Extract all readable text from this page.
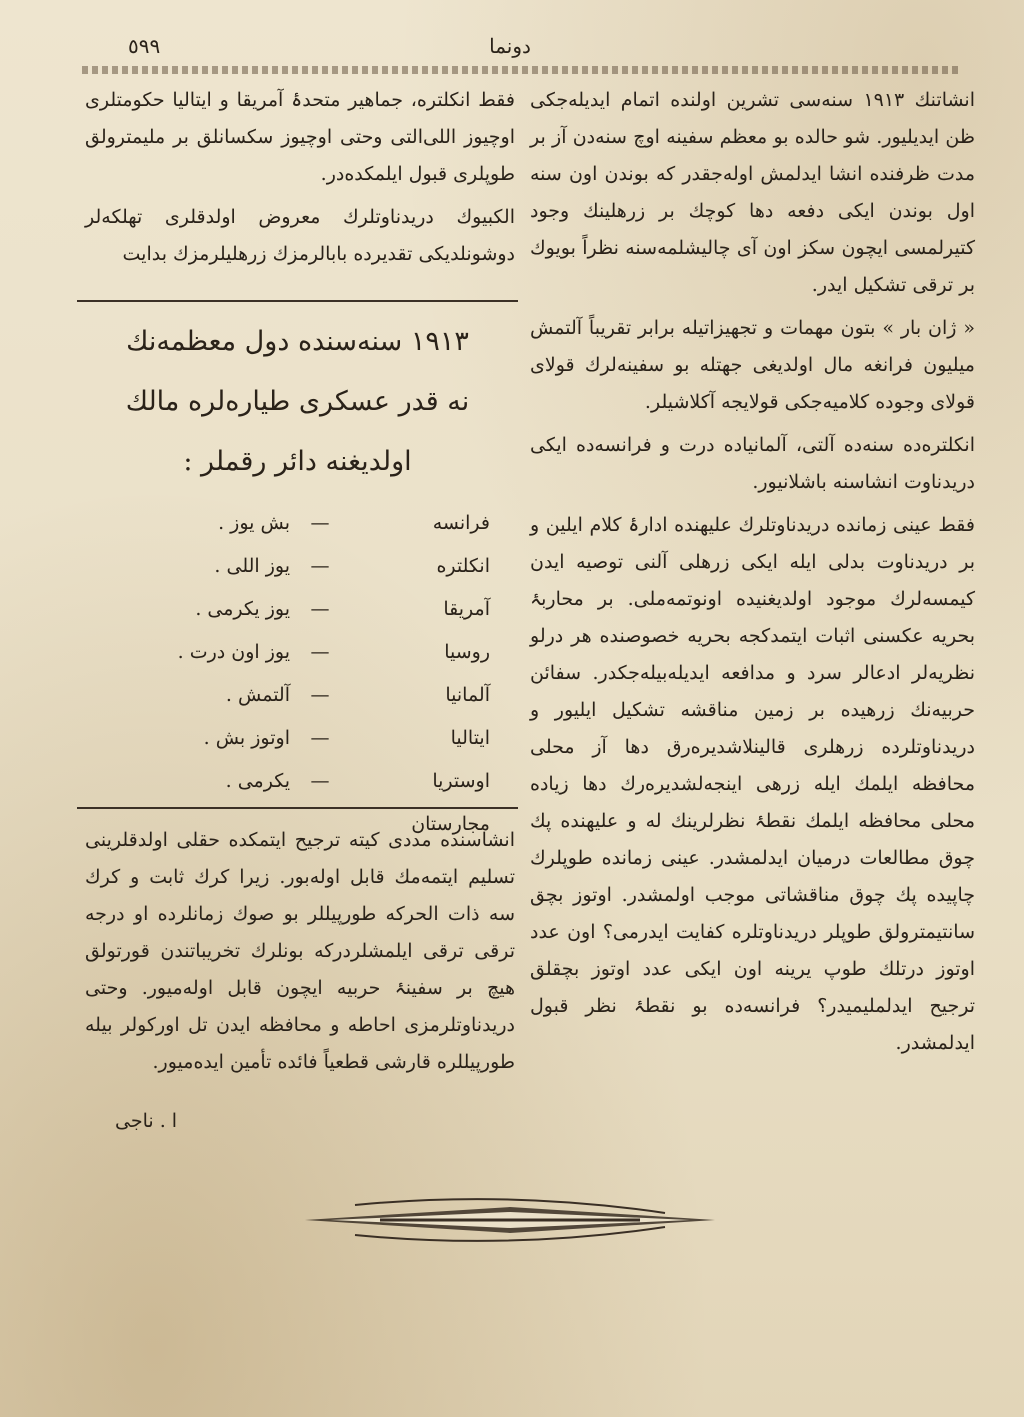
دونما
٥٩٩

انشاتنك ١٩١٣ سنەسی تشرین اولندە اتمام ایدیلەجكی ظن ایدیلیور. شو حالدە بو معظم سفینە اوچ سنەدن آز بر مدت ظرفندە انشا ایدلمش اولەجقدر كە بوندن اون سنە اول بوندن ایكی دفعە دها كوچك بر زرهلینك وجود كتیرلمسی ایچون سكز اون آی چالیشلمەسنە نظراً بویوك بر ترقی تشكیل ایدر.

« ژان بار » بتون مهمات و تجهیزاتیلە برابر تقریباً آلتمش میلیون فرانغە مال اولدیغی جهتلە بو سفینەلرك قولای قولای وجودە كلامیەجكی قولایجە آكلاشیلر.

انكلترەدە سنەدە آلتی، آلمانیادە درت و فرانسەدە ایكی دریدناوت انشاسنە باشلانیور.

فقط عینی زماندە دریدناوتلرك علیهندە ادارۂ كلام ایلین و بر دریدناوت بدلی ایلە ایكی زرهلی آلنی توصیە ایدن كیمسەلرك موجود اولدیغنیدە اونوتمەملی. بر محاربۂ بحریە عكسنی اثبات ایتمدكجە بحریە خصوصندە هر درلو نظریەلر ادعالر سرد و مدافعە ایدیلەبیلەجكدر. سفائن حربیەنك زرهیدە بر زمین مناقشە تشكیل ایلیور و دریدناوتلردە زرهلری قالینلاشدیرەرق دها آز محلی محافظە ایلمك ایلە زرهی اینجەلشدیرەرك دها زیادە محلی محافظە ایلمك نقطۂ نظرلرینك لە و علیهندە پك چوق مطالعات درمیان ایدلمشدر. عینی زماندە طوپلرك چاپیدە پك چوق مناقشاتی موجب اولمشدر. اوتوز بچق سانتیمترولق طوپلر دریدناوتلرە كفایت ایدرمی؟ اون عدد اوتوز درتلك طوپ یرینە اون ایكی عدد اوتوز بچقلق ترجیح ایدلملیمیدر؟ فرانسەدە بو نقطۂ نظر قبول ایدلمشدر.

فقط انكلترە، جماهیر متحدۂ آمریقا و ایتالیا حكومتلری اوچیوز اللی‌التی وحتی اوچیوز سكسانلق بر ملیمترولق طوپلری قبول ایلمكدەدر.

الكبیوك دریدناوتلرك معروض اولدقلری تهلكەلر دوشونلدیكی تقدیردە بابالرمزك زرهلیلرمزك بدایت

١٩١٣ سنەسندە دول معظمەنك
نە قدر عسكری طیارەلرە مالك
اولدیغنە دائر رقملر :
فرانسە
—
بش یوز .
انكلترە
—
یوز اللی .
آمریقا
—
یوز یكرمی .
روسیا
—
یوز اون درت .
آلمانیا
—
آلتمش .
ایتالیا
—
اوتوز بش .
اوستریا مجارستان
—
یكرمی .

انشاسندە مددی كیتە ترجیح ایتمكدە حقلی اولدقلرینی تسلیم ایتمەمك قابل اولەبور. زیرا كرك ثابت و كرك سە ذات الحركە طورپیللر بو صوك زمانلردە او درجە ترقی ترقی ایلمشلردركە بونلرك تخریباتندن قورتولق هیچ بر سفینۂ حربیە ایچون قابل اولەمیور. وحتی دریدناوتلرمزی احاطە و محافظە ایدن تل اوركولر بیلە طورپیللرە قارشی قطعیاً فائدە تأمین ایدەمیور.

ا . ناجی
